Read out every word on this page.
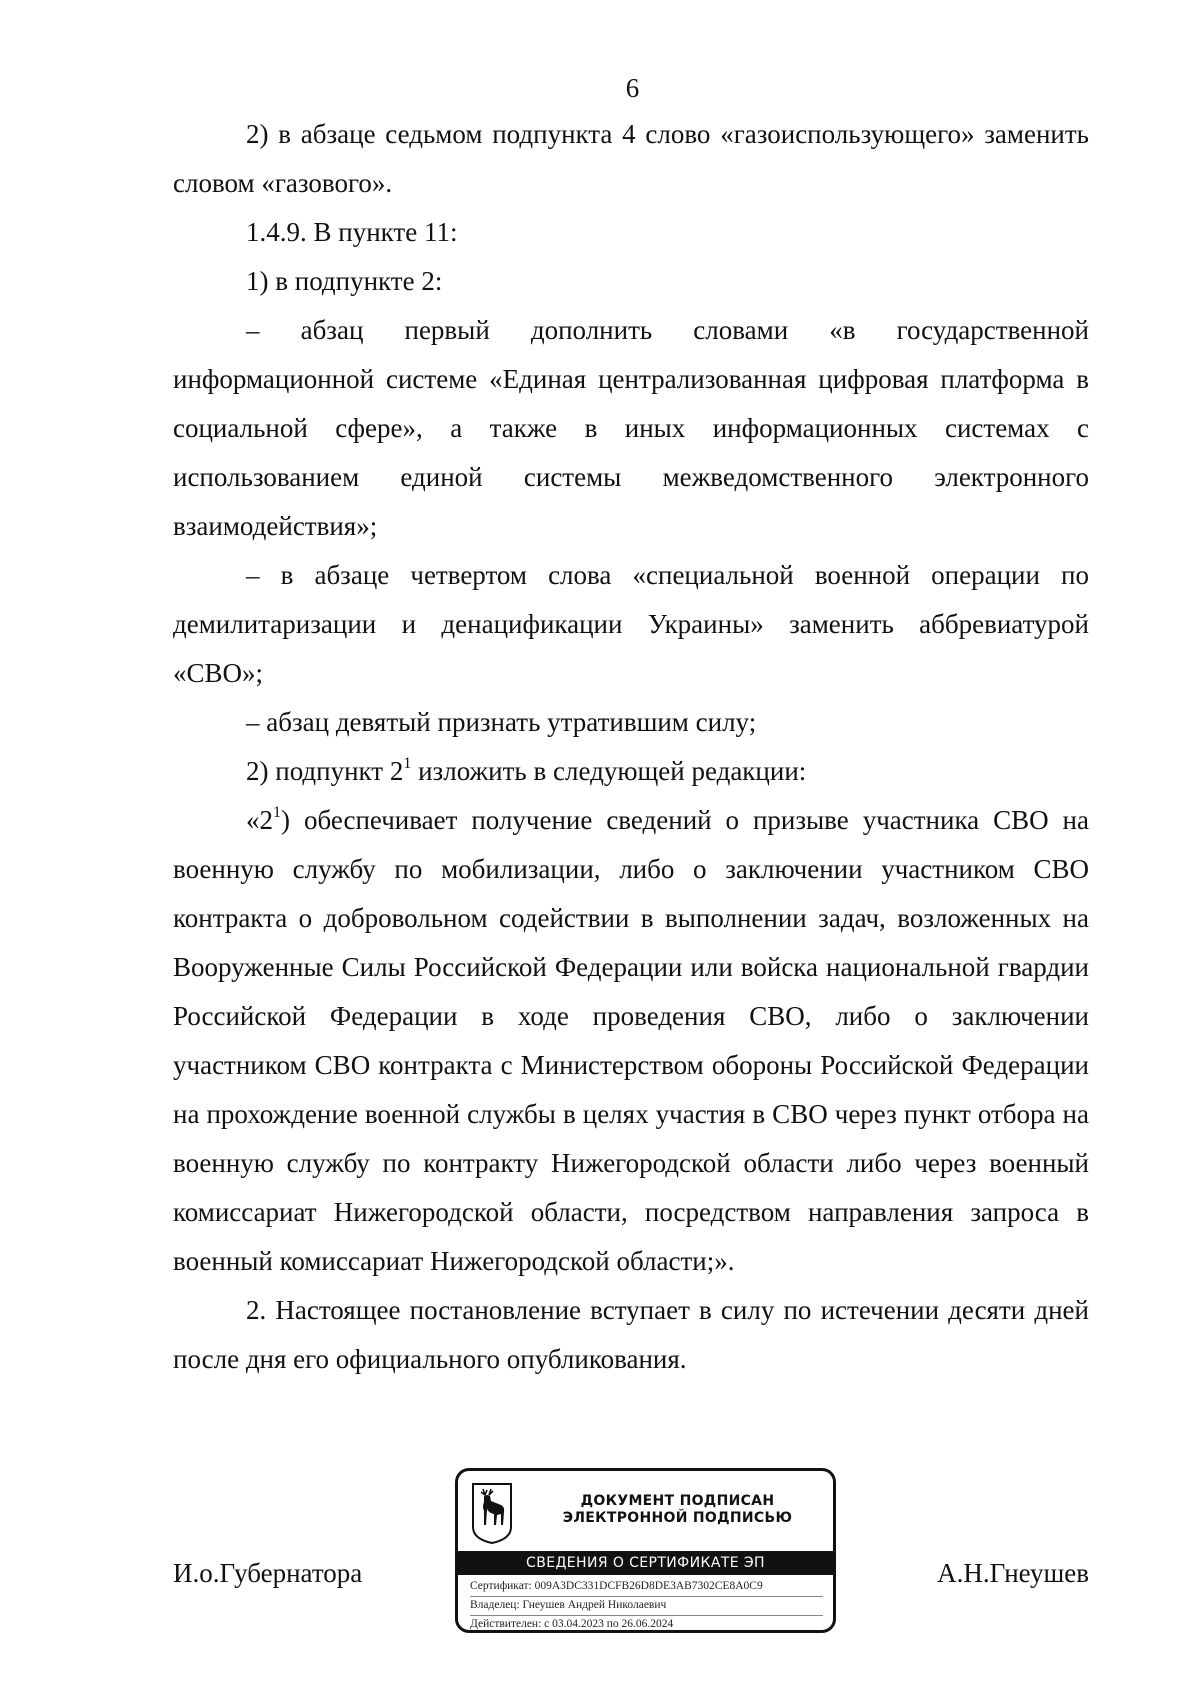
6

2) в абзаце седьмом подпункта 4 слово «газоиспользующего» заменить словом «газового».

1.4.9. В пункте 11:

1) в подпункте 2:

– абзац первый дополнить словами «в государственной информационной системе «Единая централизованная цифровая платформа в социальной сфере», а также в иных информационных системах с использованием единой системы межведомственного электронного взаимодействия»;

– в абзаце четвертом слова «специальной военной операции по демилитаризации и денацификации Украины» заменить аббревиатурой «СВО»;

– абзац девятый признать утратившим силу;

2) подпункт $2^1$ изложить в следующей редакции:

«$2^1$) обеспечивает получение сведений о призыве участника СВО на военную службу по мобилизации, либо о заключении участником СВО контракта о добровольном содействии в выполнении задач, возложенных на Вооруженные Силы Российской Федерации или войска национальной гвардии Российской Федерации в ходе проведения СВО, либо о заключении участником СВО контракта с Министерством обороны Российской Федерации на прохождение военной службы в целях участия в СВО через пункт отбора на военную службу по контракту Нижегородской области либо через военный комиссариат Нижегородской области, посредством направления запроса в военный комиссариат Нижегородской области;».

2. Настоящее постановление вступает в силу по истечении десяти дней после дня его официального опубликования.

И.о.Губернатора	А.Н.Гнеушев
ДОКУМЕНТ ПОДПИСАН
ЭЛЕКТРОННОЙ ПОДПИСЬЮ
СВЕДЕНИЯ О СЕРТИФИКАТЕ ЭП
Сертификат: 009A3DC331DCFB26D8DE3AB7302CE8A0C9
Владелец: Гнеушев Андрей Николаевич
Действителен: с 03.04.2023 по 26.06.2024
